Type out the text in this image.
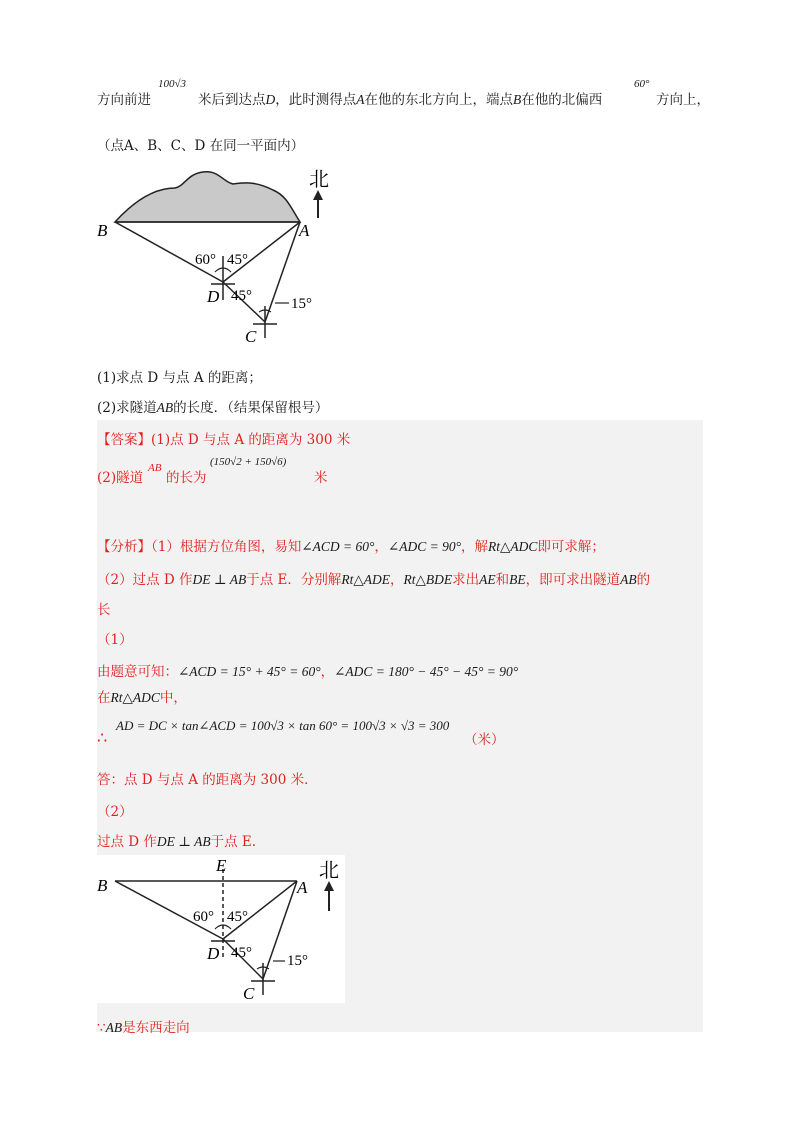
方向前进
100√3
米后到达点D，此时测得点A在他的东北方向上，端点B在他的北偏西
60°
方向上，
（点A、B、C、D 在同一平面内）
北
B	A
D
C
60° 45°
45°	15°
(1)求点 D 与点 A 的距离；
(2)求隧道AB的长度．（结果保留根号）
【答案】(1)点 D 与点 A 的距离为 300 米
(2)隧道
AB
的长为
(150√2 + 150√6)
米
【分析】（1）根据方位角图，易知∠ACD = 60°，∠ADC = 90°，解Rt△ADC即可求解；
（2）过点 D 作DE ⊥ AB于点 E．分别解Rt△ADE，Rt△BDE求出AE和BE，即可求出隧道AB的
长
（1）
由题意可知：∠ACD = 15° + 45° = 60°，∠ADC = 180° − 45° − 45° = 90°
在Rt△ADC中，
∴
AD = DC × tan∠ACD = 100√3 × tan 60° = 100√3 × √3 = 300
（米）
答：点 D 与点 A 的距离为 300 米．
（2）
过点 D 作DE ⊥ AB于点 E.
北
E
B	A
D
C
60° 45°
45° 15°
∵AB是东西走向
